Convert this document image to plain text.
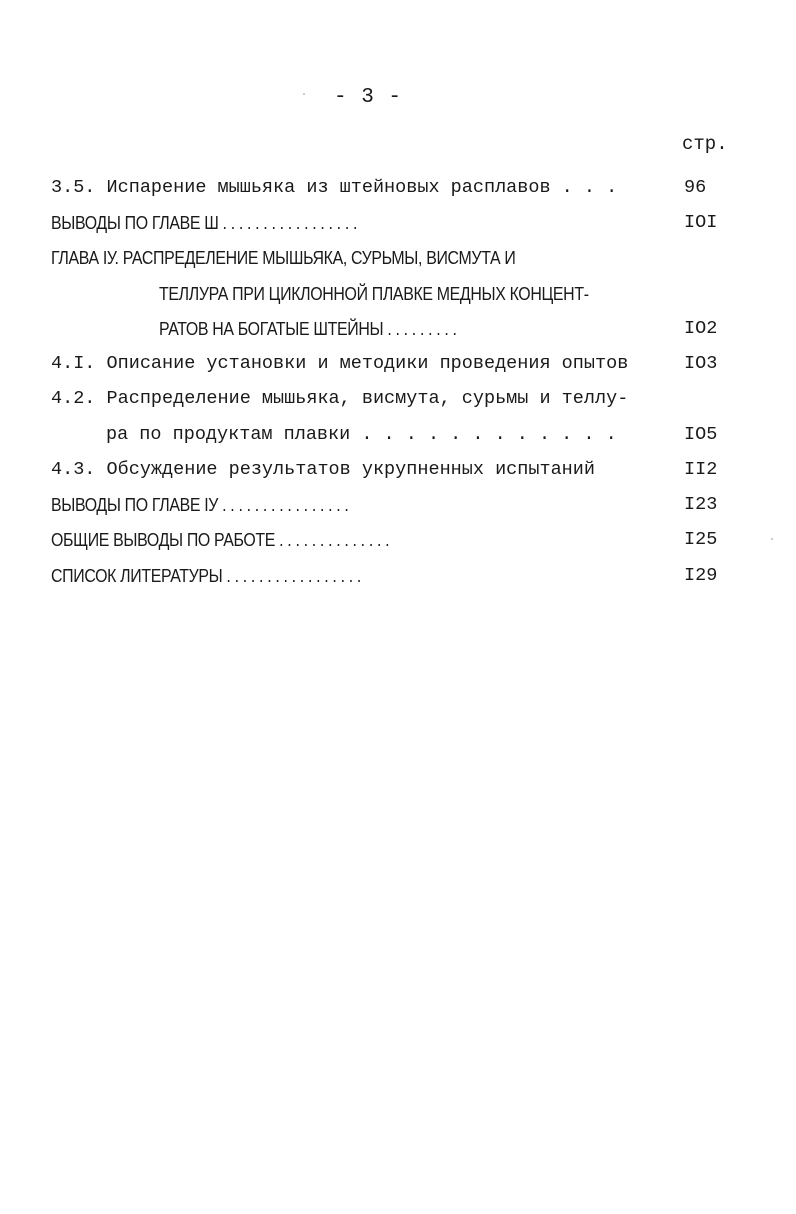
- 3 -
стр.
3.5. Испарение мышьяка из штейновых расплавов . . .	96
ВЫВОДЫ ПО ГЛАВЕ Ш . . . . . . . . . . . . . . . . .	IOI
ГЛАВА IУ. РАСПРЕДЕЛЕНИЕ МЫШЬЯКА, СУРЬМЫ, ВИСМУТА И
ТЕЛЛУРА ПРИ ЦИКЛОННОЙ ПЛАВКЕ МЕДНЫХ КОНЦЕНТ-
РАТОВ НА БОГАТЫЕ ШТЕЙНЫ . . . . . . . . .	IO2
4.I. Описание установки и методики проведения опытов	IO3
4.2. Распределение мышьяка, висмута, сурьмы и теллу-
ра по продуктам плавки . . . . . . . . . . . .	IO5
4.3. Обсуждение результатов укрупненных испытаний	II2
ВЫВОДЫ ПО ГЛАВЕ IУ . . . . . . . . . . . . . . . .	I23
ОБЩИЕ ВЫВОДЫ ПО РАБОТЕ . . . . . . . . . . . . . .	I25
СПИСОК ЛИТЕРАТУРЫ . . . . . . . . . . . . . . . . .	I29
